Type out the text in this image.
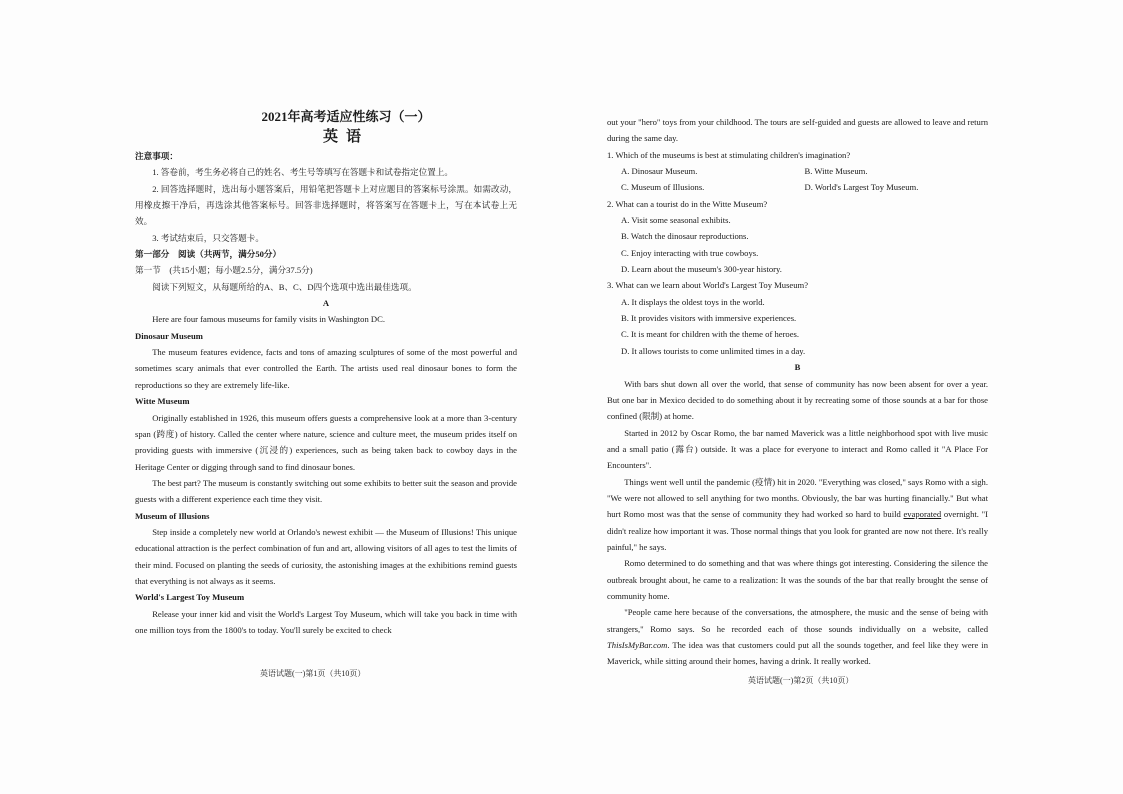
2021年高考适应性练习（一）
英语
注意事项：
1. 答卷前，考生务必将自己的姓名、考生号等填写在答题卡和试卷指定位置上。
2. 回答选择题时，选出每小题答案后，用铅笔把答题卡上对应题目的答案标号涂黑。如需改动，用橡皮擦干净后，再选涂其他答案标号。回答非选择题时，将答案写在答题卡上，写在本试卷上无效。
3. 考试结束后，只交答题卡。
第一部分　阅读（共两节，满分50分）
第一节　(共15小题；每小题2.5分，满分37.5分)
阅读下列短文，从每题所给的A、B、C、D四个选项中选出最佳选项。
A
Here are four famous museums for family visits in Washington DC.
Dinosaur Museum
The museum features evidence, facts and tons of amazing sculptures of some of the most powerful and sometimes scary animals that ever controlled the Earth. The artists used real dinosaur bones to form the reproductions so they are extremely life-like.
Witte Museum
Originally established in 1926, this museum offers guests a comprehensive look at a more than 3-century span (跨度) of history. Called the center where nature, science and culture meet, the museum prides itself on providing guests with immersive (沉浸的) experiences, such as being taken back to cowboy days in the Heritage Center or digging through sand to find dinosaur bones.
The best part? The museum is constantly switching out some exhibits to better suit the season and provide guests with a different experience each time they visit.
Museum of Illusions
Step inside a completely new world at Orlando's newest exhibit — the Museum of Illusions! This unique educational attraction is the perfect combination of fun and art, allowing visitors of all ages to test the limits of their mind. Focused on planting the seeds of curiosity, the astonishing images at the exhibitions remind guests that everything is not always as it seems.
World's Largest Toy Museum
Release your inner kid and visit the World's Largest Toy Museum, which will take you back in time with one million toys from the 1800's to today. You'll surely be excited to check
英语试题(一)第1页（共10页）
out your "hero" toys from your childhood. The tours are self-guided and guests are allowed to leave and return during the same day.
1. Which of the museums is best at stimulating children's imagination?
A. Dinosaur Museum.	B. Witte Museum.
C. Museum of Illusions.	D. World's Largest Toy Museum.
2. What can a tourist do in the Witte Museum?
A. Visit some seasonal exhibits.
B. Watch the dinosaur reproductions.
C. Enjoy interacting with true cowboys.
D. Learn about the museum's 300-year history.
3. What can we learn about World's Largest Toy Museum?
A. It displays the oldest toys in the world.
B. It provides visitors with immersive experiences.
C. It is meant for children with the theme of heroes.
D. It allows tourists to come unlimited times in a day.
B
With bars shut down all over the world, that sense of community has now been absent for over a year. But one bar in Mexico decided to do something about it by recreating some of those sounds at a bar for those confined (限制) at home.
Started in 2012 by Oscar Romo, the bar named Maverick was a little neighborhood spot with live music and a small patio (露台) outside. It was a place for everyone to interact and Romo called it "A Place For Encounters".
Things went well until the pandemic (疫情) hit in 2020. "Everything was closed," says Romo with a sigh. "We were not allowed to sell anything for two months. Obviously, the bar was hurting financially." But what hurt Romo most was that the sense of community they had worked so hard to build evaporated overnight. "I didn't realize how important it was. Those normal things that you look for granted are now not there. It's really painful," he says.
Romo determined to do something and that was where things got interesting. Considering the silence the outbreak brought about, he came to a realization: It was the sounds of the bar that really brought the sense of community home.
"People came here because of the conversations, the atmosphere, the music and the sense of being with strangers," Romo says. So he recorded each of those sounds individually on a website, called ThisIsMyBar.com. The idea was that customers could put all the sounds together, and feel like they were in Maverick, while sitting around their homes, having a drink. It really worked.
英语试题(一)第2页（共10页）
